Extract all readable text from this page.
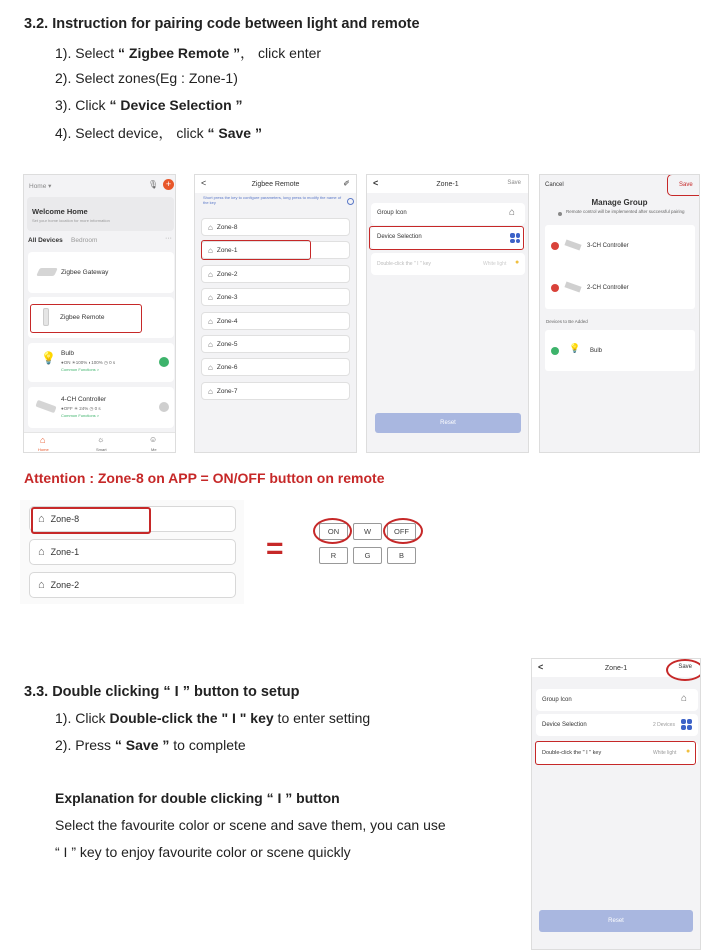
3.2. Instruction for pairing code between light and remote
1). Select “ Zigbee Remote ”， click enter
2). Select zones(Eg : Zone-1)
3). Click “ Device Selection ”
4). Select device， click “ Save ”
Home ▾	🎙 +
Welcome Home
Set your home location for more information
All Devices Bedroom	···
Zigbee Gateway
Zigbee Remote
💡 Bulb
●ON ☀100% ◐100% ◷ 0 s
Common Functions >
4-CH Controller
●OFF ☀ 24% ◷ 0 s
Common Functions >
⌂
Home
☼
Smart
☺
Me
<	Zigbee Remote	✐
Short press the key to configure parameters, long press to modify the name of the key
⌂ Zone-8
⌂ Zone-1
⌂ Zone-2
⌂ Zone-3
⌂ Zone-4
⌂ Zone-5
⌂ Zone-6
⌂ Zone-7
<	Zone-1	Save
Group Icon	⌂
Device Selection
Double-click the " I " key	White light ●
Reset
Cancel	Save
Manage Group
Remote control will be implemented after successful pairing
3-CH Controller
2-CH Controller
Devices to Be Added
💡 Bulb
Attention : Zone-8 on APP = ON/OFF button on remote
⌂ Zone-8
⌂ Zone-1
⌂ Zone-2
=
ON	W	OFF
R	G	B
3.3. Double clicking “ I ” button to setup
1). Click Double-click the " I " key to enter setting
2). Press “ Save ” to complete
Explanation for double clicking “ I ” button
Select the favourite color or scene and save them, you can use
“ I ” key to enjoy favourite color or scene quickly
<	Zone-1	Save
Group Icon	⌂
Device Selection	2 Devices
Double-click the " I " key	White light ●
Reset
